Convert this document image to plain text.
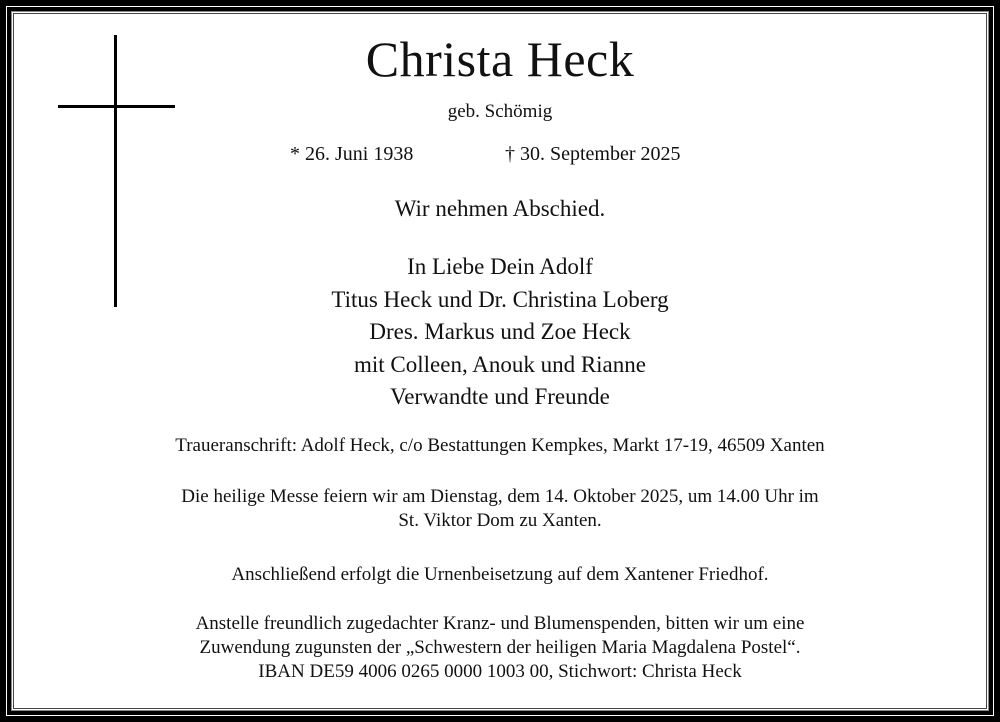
Christa Heck
geb. Schömig
* 26. Juni 1938	† 30. September 2025
Wir nehmen Abschied.
In Liebe Dein Adolf
Titus Heck und Dr. Christina Loberg
Dres. Markus und Zoe Heck
mit Colleen, Anouk und Rianne
Verwandte und Freunde
Traueranschrift: Adolf Heck, c/o Bestattungen Kempkes, Markt 17-19, 46509 Xanten
Die heilige Messe feiern wir am Dienstag, dem 14. Oktober 2025, um 14.00 Uhr im
St. Viktor Dom zu Xanten.
Anschließend erfolgt die Urnenbeisetzung auf dem Xantener Friedhof.
Anstelle freundlich zugedachter Kranz- und Blumenspenden, bitten wir um eine
Zuwendung zugunsten der „Schwestern der heiligen Maria Magdalena Postel“.
IBAN DE59 4006 0265 0000 1003 00, Stichwort: Christa Heck
